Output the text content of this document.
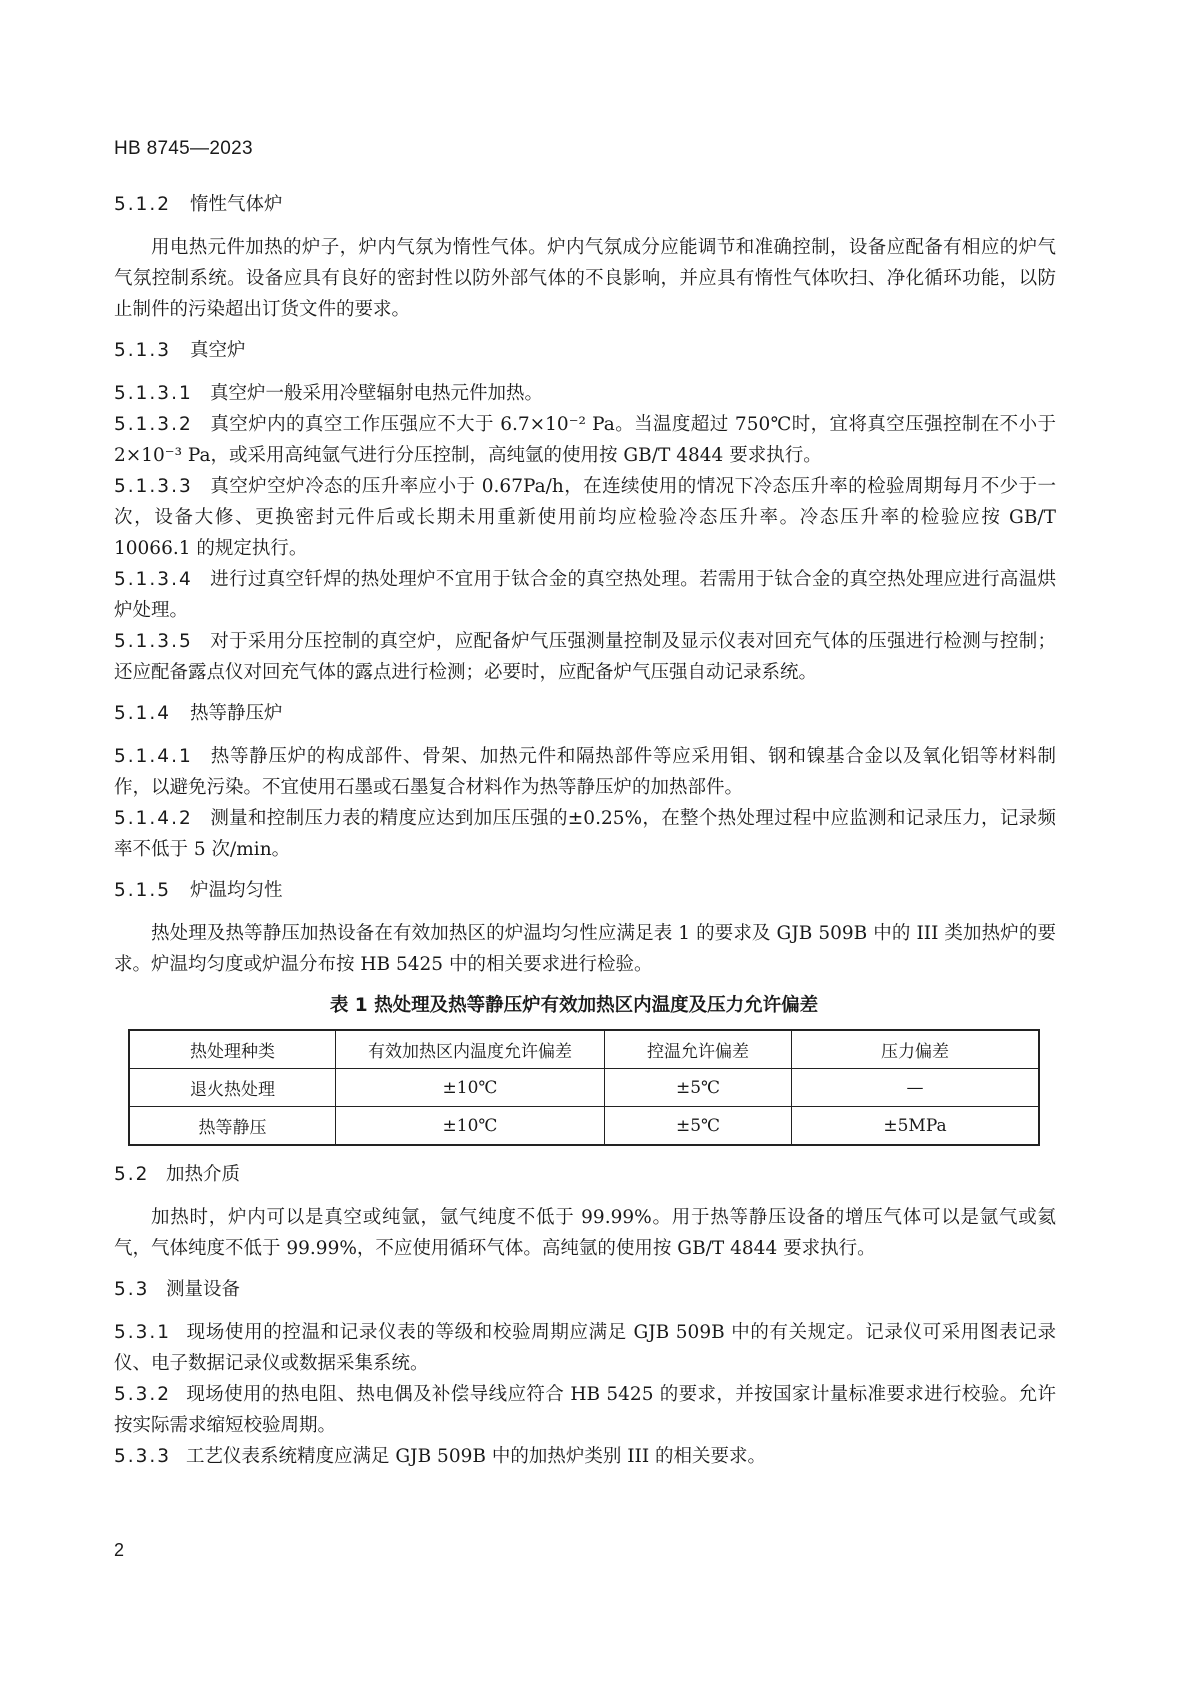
HB 8745—2023
5.1.2 惰性气体炉

用电热元件加热的炉子，炉内气氛为惰性气体。炉内气氛成分应能调节和准确控制，设备应配备有相应的炉气气氛控制系统。设备应具有良好的密封性以防外部气体的不良影响，并应具有惰性气体吹扫、净化循环功能，以防止制件的污染超出订货文件的要求。

5.1.3 真空炉

5.1.3.1 真空炉一般采用冷壁辐射电热元件加热。

5.1.3.2 真空炉内的真空工作压强应不大于 6.7×10⁻² Pa。当温度超过 750℃时，宜将真空压强控制在不小于 2×10⁻³ Pa，或采用高纯氩气进行分压控制，高纯氩的使用按 GB/T 4844 要求执行。

5.1.3.3 真空炉空炉冷态的压升率应小于 0.67Pa/h，在连续使用的情况下冷态压升率的检验周期每月不少于一次，设备大修、更换密封元件后或长期未用重新使用前均应检验冷态压升率。冷态压升率的检验应按 GB/T 10066.1 的规定执行。

5.1.3.4 进行过真空钎焊的热处理炉不宜用于钛合金的真空热处理。若需用于钛合金的真空热处理应进行高温烘炉处理。

5.1.3.5 对于采用分压控制的真空炉，应配备炉气压强测量控制及显示仪表对回充气体的压强进行检测与控制；还应配备露点仪对回充气体的露点进行检测；必要时，应配备炉气压强自动记录系统。

5.1.4 热等静压炉

5.1.4.1 热等静压炉的构成部件、骨架、加热元件和隔热部件等应采用钼、钢和镍基合金以及氧化铝等材料制作，以避免污染。不宜使用石墨或石墨复合材料作为热等静压炉的加热部件。

5.1.4.2 测量和控制压力表的精度应达到加压压强的±0.25%，在整个热处理过程中应监测和记录压力，记录频率不低于 5 次/min。

5.1.5 炉温均匀性

热处理及热等静压加热设备在有效加热区的炉温均匀性应满足表 1 的要求及 GJB 509B 中的 III 类加热炉的要求。炉温均匀度或炉温分布按 HB 5425 中的相关要求进行检验。

表 1 热处理及热等静压炉有效加热区内温度及压力允许偏差
热处理种类	有效加热区内温度允许偏差	控温允许偏差	压力偏差
退火热处理	±10℃	±5℃	—
热等静压	±10℃	±5℃	±5MPa
5.2 加热介质

加热时，炉内可以是真空或纯氩，氩气纯度不低于 99.99%。用于热等静压设备的增压气体可以是氩气或氦气，气体纯度不低于 99.99%，不应使用循环气体。高纯氩的使用按 GB/T 4844 要求执行。

5.3 测量设备

5.3.1 现场使用的控温和记录仪表的等级和校验周期应满足 GJB 509B 中的有关规定。记录仪可采用图表记录仪、电子数据记录仪或数据采集系统。

5.3.2 现场使用的热电阻、热电偶及补偿导线应符合 HB 5425 的要求，并按国家计量标准要求进行校验。允许按实际需求缩短校验周期。

5.3.3 工艺仪表系统精度应满足 GJB 509B 中的加热炉类别 III 的相关要求。

2
